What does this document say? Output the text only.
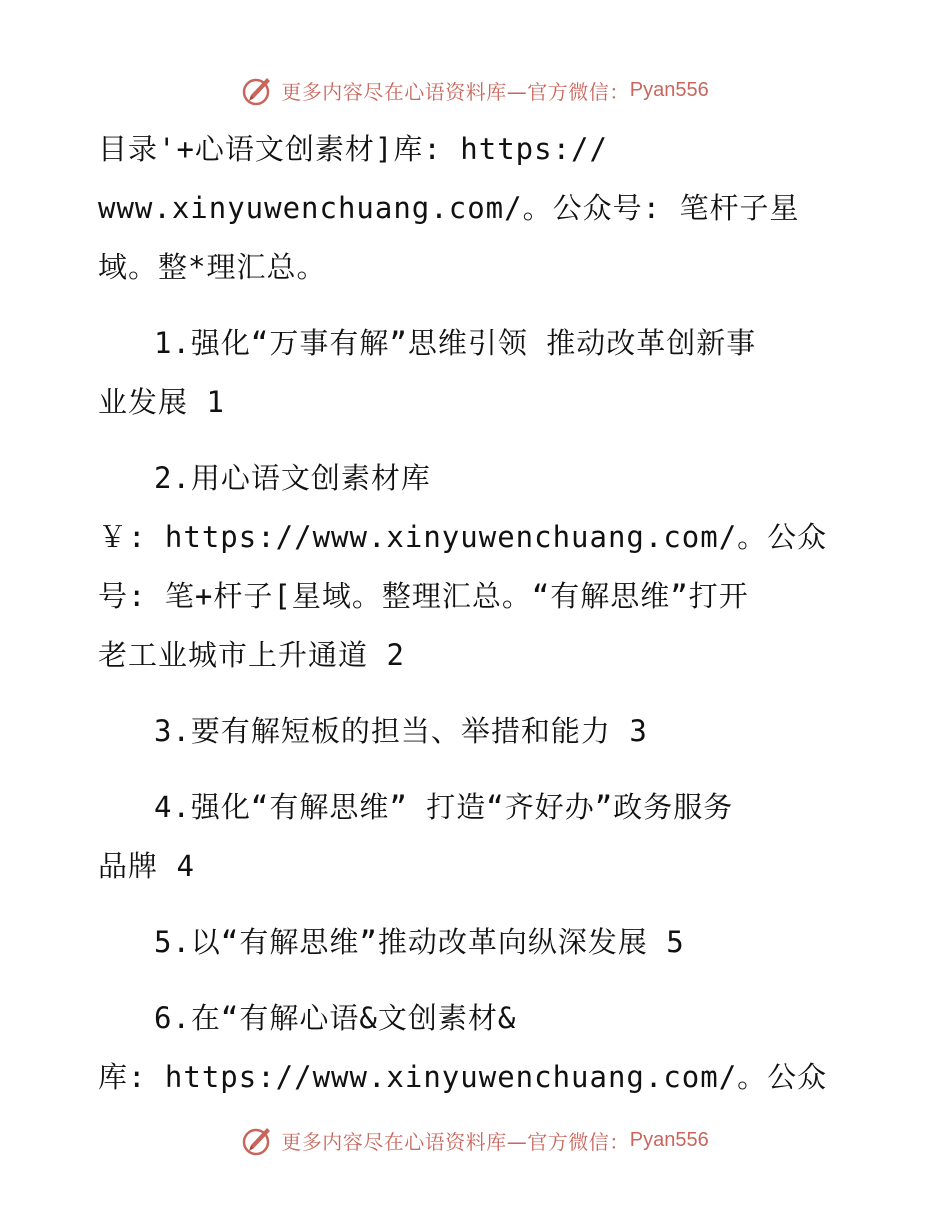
更多内容尽在心语资料库—官方微信： Pyan556
目录'+心语文创素材]库: https://
www.xinyuwenchuang.com/。公众号: 笔杆子星
域。整*理汇总。
1.强化“万事有解”思维引领 推动改革创新事
业发展 1
2.用心语文创素材库
￥: https://www.xinyuwenchuang.com/。公众
号: 笔+杆子[星域。整理汇总。“有解思维”打开
老工业城市上升通道 2
3.要有解短板的担当、举措和能力 3
4.强化“有解思维” 打造“齐好办”政务服务
品牌 4
5.以“有解思维”推动改革向纵深发展 5
6.在“有解心语&文创素材&
库: https://www.xinyuwenchuang.com/。公众
更多内容尽在心语资料库—官方微信： Pyan556
